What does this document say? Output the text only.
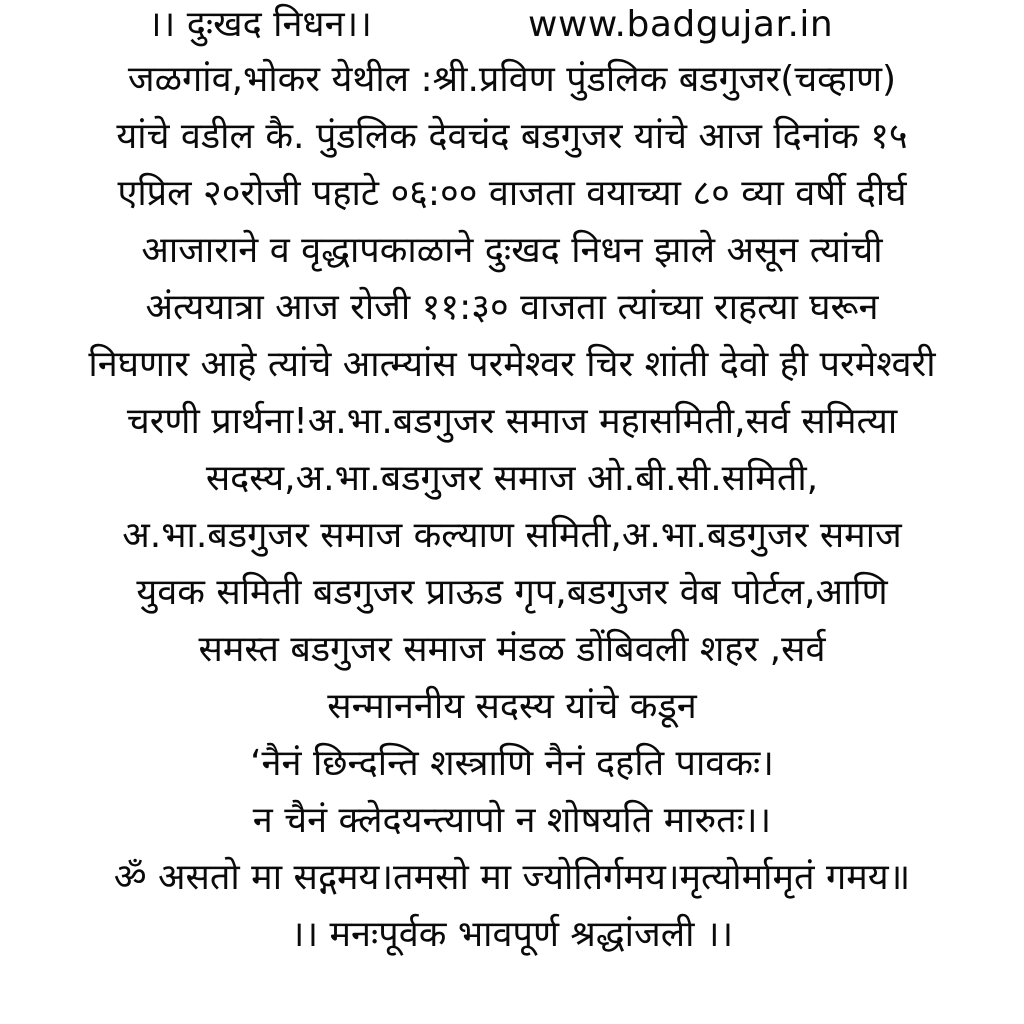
।। दुःखद निधन।।	www.badgujar.in
जळगांव,भोकर येथील :श्री.प्रविण पुंडलिक बडगुजर(चव्हाण)
यांचे वडील कै. पुंडलिक देवचंद बडगुजर यांचे आज दिनांक १५
एप्रिल २०रोजी पहाटे ०६:०० वाजता वयाच्या ८० व्या वर्षी दीर्घ
आजाराने व वृद्धापकाळाने दुःखद निधन झाले असून त्यांची
अंत्ययात्रा आज रोजी ११:३० वाजता त्यांच्या राहत्या घरून
निघणार आहे त्यांचे आत्म्यांस परमेश्वर चिर शांती देवो ही परमेश्वरी
चरणी प्रार्थना!अ.भा.बडगुजर समाज महासमिती,सर्व समित्या
सदस्य,अ.भा.बडगुजर समाज ओ.बी.सी.समिती,
अ.भा.बडगुजर समाज कल्याण समिती,अ.भा.बडगुजर समाज
युवक समिती बडगुजर प्राऊड गृप,बडगुजर वेब पोर्टल,आणि
समस्त बडगुजर समाज मंडळ डोंबिवली शहर ,सर्व
सन्माननीय सदस्य यांचे कडून
‘नैनं छिन्दन्ति शस्त्राणि नैनं दहति पावकः।
न चैनं क्लेदयन्त्यापो न शोषयति मारुतः।।
ॐ असतो मा सद्गमय।तमसो मा ज्योतिर्गमय।मृत्योर्मामृतं गमय॥
।। मनःपूर्वक भावपूर्ण श्रद्धांजली ।।
